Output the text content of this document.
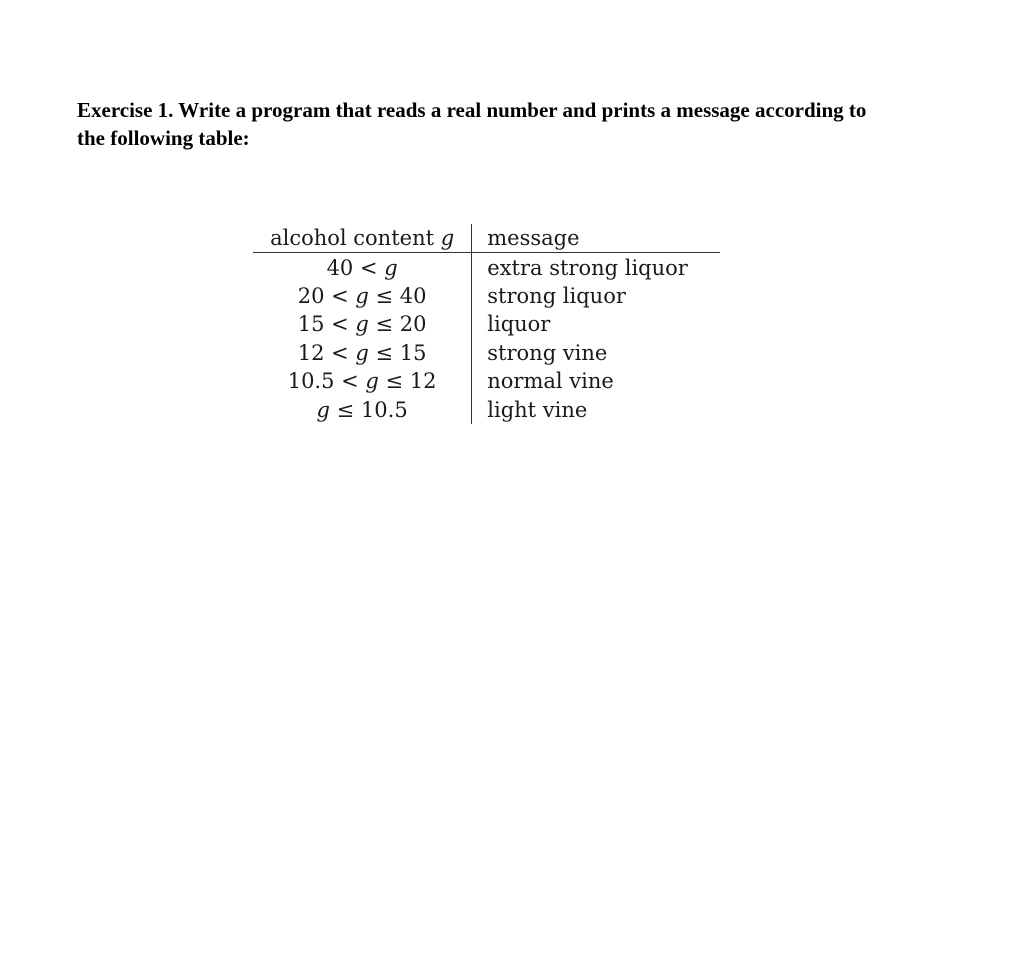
Exercise 1. Write a program that reads a real number and prints a message according to
the following table:

alcohol content g	message
40 < g	extra strong liquor
20 < g ≤ 40	strong liquor
15 < g ≤ 20	liquor
12 < g ≤ 15	strong vine
10.5 < g ≤ 12	normal vine
g ≤ 10.5	light vine
